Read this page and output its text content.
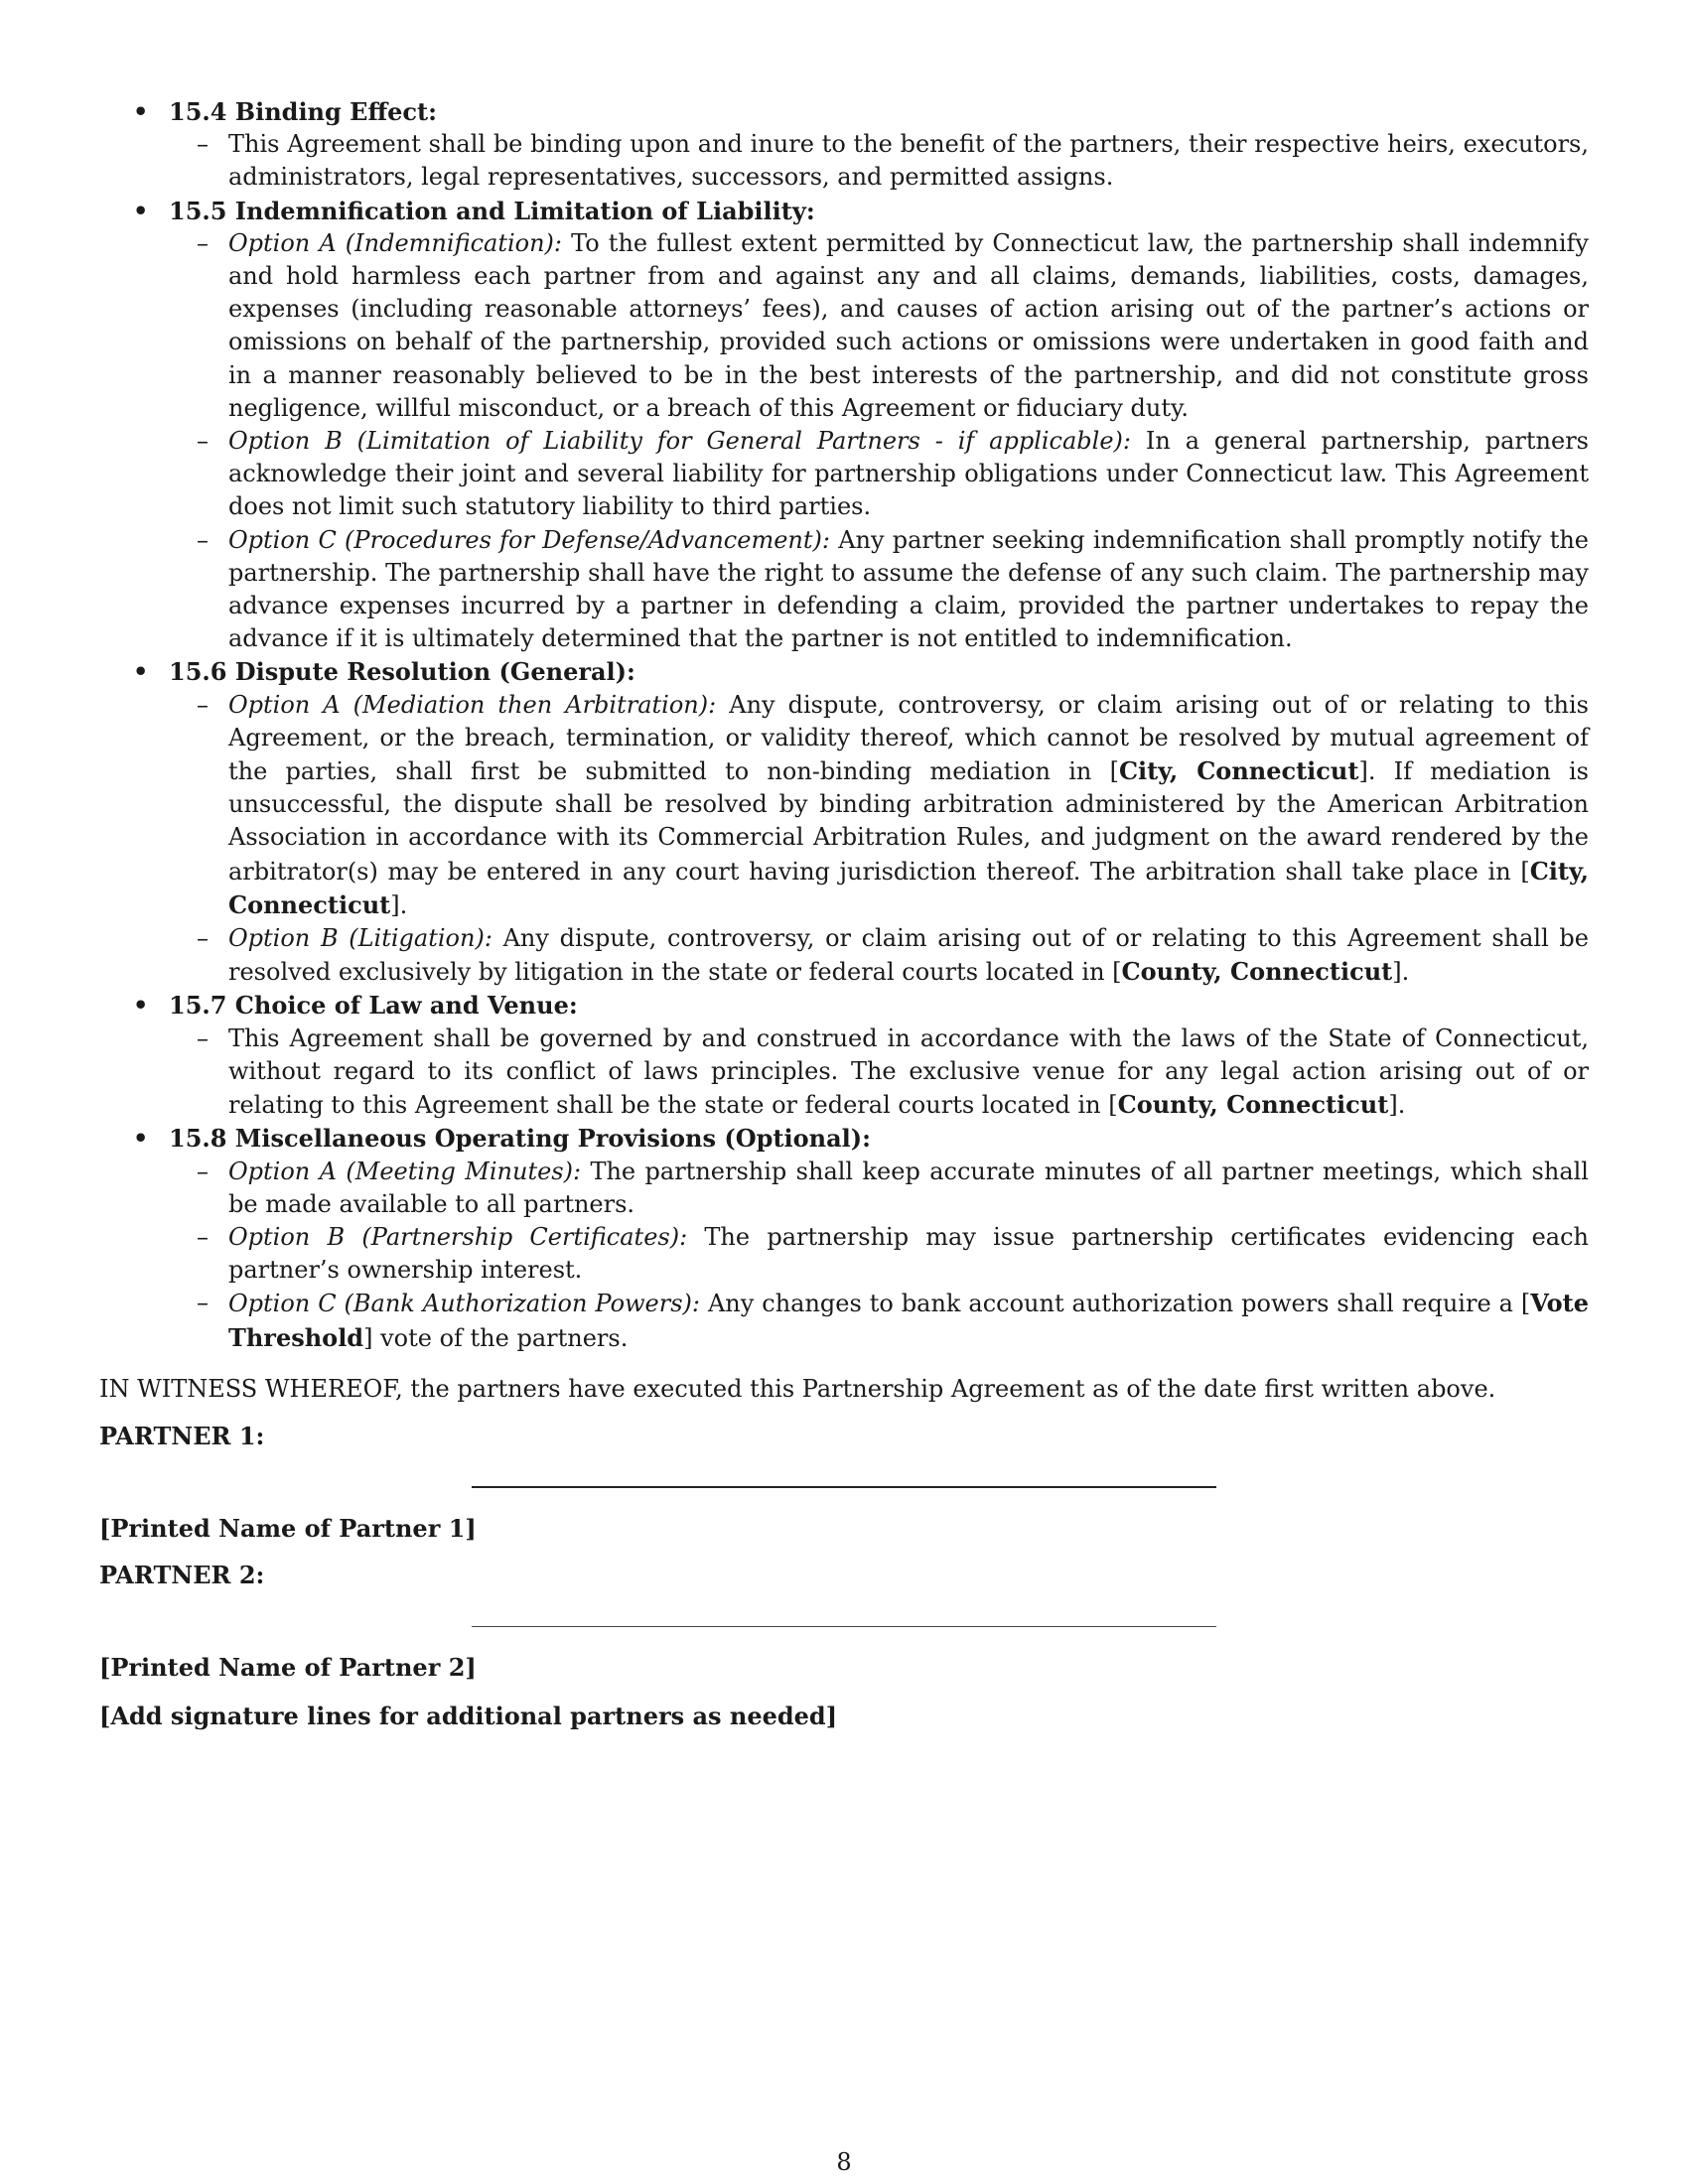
• 15.4 Binding Effect:
– This Agreement shall be binding upon and inure to the benefit of the partners, their respective heirs, executors, administrators, legal representatives, successors, and permitted assigns.
• 15.5 Indemnification and Limitation of Liability:
– Option A (Indemnification): To the fullest extent permitted by Connecticut law, the partnership shall indemnify and hold harmless each partner from and against any and all claims, demands, liabilities, costs, damages, expenses (including reasonable attorneys’ fees), and causes of action arising out of the partner’s actions or omissions on behalf of the partnership, provided such actions or omissions were undertaken in good faith and in a manner reasonably believed to be in the best interests of the partnership, and did not constitute gross negligence, willful misconduct, or a breach of this Agreement or fiduciary duty.
– Option B (Limitation of Liability for General Partners - if applicable): In a general partnership, partners acknowledge their joint and several liability for partnership obligations under Connecticut law. This Agreement does not limit such statutory liability to third parties.
– Option C (Procedures for Defense/Advancement): Any partner seeking indemnification shall promptly notify the partnership. The partnership shall have the right to assume the defense of any such claim. The partnership may advance expenses incurred by a partner in defending a claim, provided the partner undertakes to repay the advance if it is ultimately determined that the partner is not entitled to indemnification.
• 15.6 Dispute Resolution (General):
– Option A (Mediation then Arbitration): Any dispute, controversy, or claim arising out of or relating to this Agreement, or the breach, termination, or validity thereof, which cannot be resolved by mutual agreement of the parties, shall first be submitted to non-binding mediation in [City, Connecticut]. If mediation is unsuccessful, the dispute shall be resolved by binding arbitration administered by the American Arbitration Association in accordance with its Commercial Arbitration Rules, and judgment on the award rendered by the arbitrator(s) may be entered in any court having jurisdiction thereof. The arbitration shall take place in [City, Connecticut].
– Option B (Litigation): Any dispute, controversy, or claim arising out of or relating to this Agreement shall be resolved exclusively by litigation in the state or federal courts located in [County, Connecticut].
• 15.7 Choice of Law and Venue:
– This Agreement shall be governed by and construed in accordance with the laws of the State of Connecticut, without regard to its conflict of laws principles. The exclusive venue for any legal action arising out of or relating to this Agreement shall be the state or federal courts located in [County, Connecticut].
• 15.8 Miscellaneous Operating Provisions (Optional):
– Option A (Meeting Minutes): The partnership shall keep accurate minutes of all partner meetings, which shall be made available to all partners.
– Option B (Partnership Certificates): The partnership may issue partnership certificates evidencing each partner’s ownership interest.
– Option C (Bank Authorization Powers): Any changes to bank account authorization powers shall require a [Vote Threshold] vote of the partners.
IN WITNESS WHEREOF, the partners have executed this Partnership Agreement as of the date first written above.
PARTNER 1:
[Printed Name of Partner 1]
PARTNER 2:
[Printed Name of Partner 2]
[Add signature lines for additional partners as needed]
8
